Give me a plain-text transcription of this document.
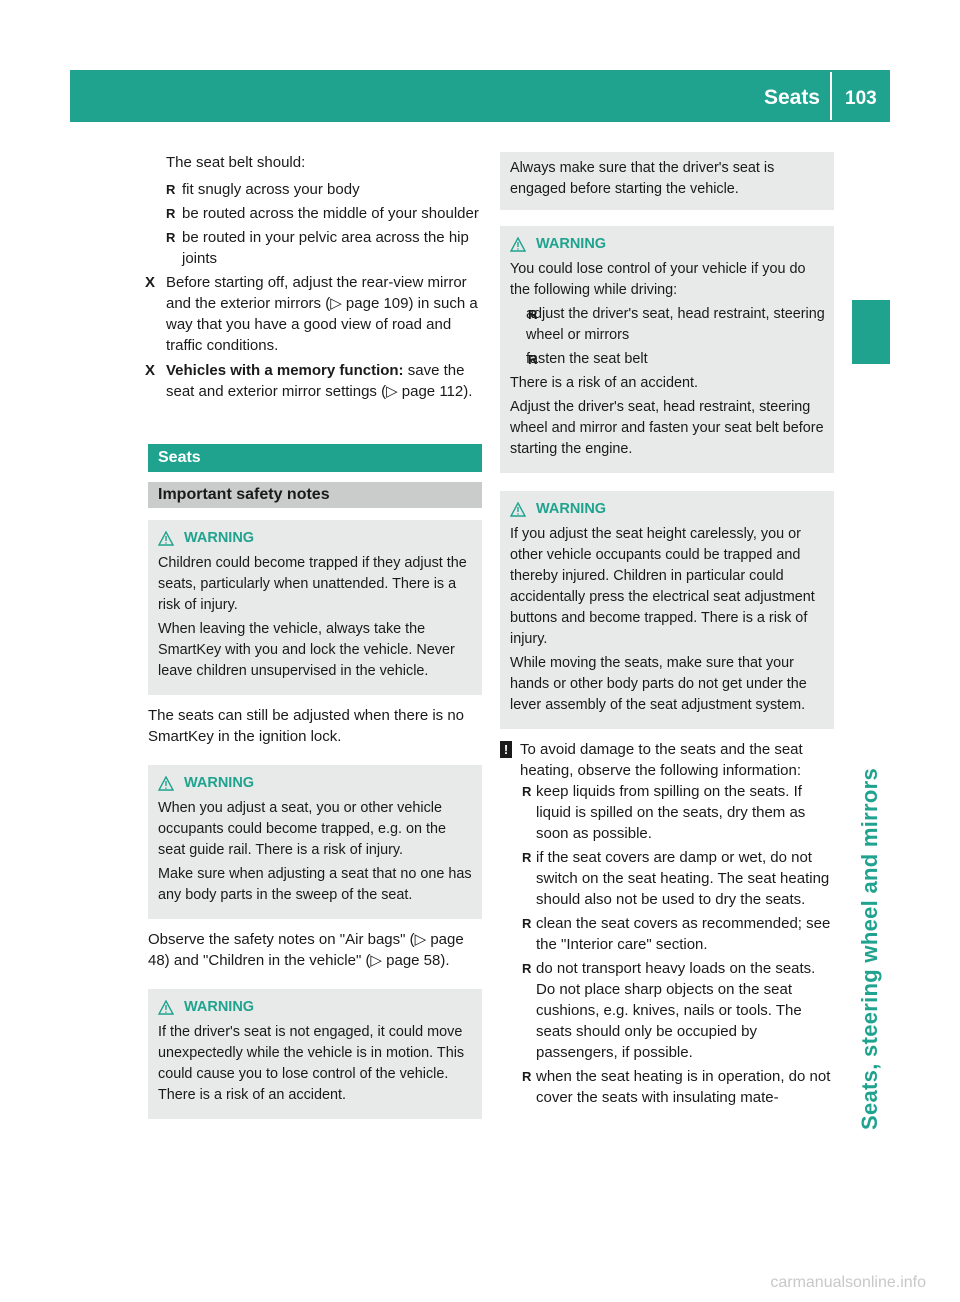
Seats 103
Seats, steering wheel and mirrors

The seat belt should:

R fit snugly across your body

R be routed across the middle of your shoulder

R be routed in your pelvic area across the hip joints

X Before starting off, adjust the rear-view mirror and the exterior mirrors (▷ page 109) in such a way that you have a good view of road and traffic conditions.

X Vehicles with a memory function: save the seat and exterior mirror settings (▷ page 112).

Seats
Important safety notes
WARNING

Children could become trapped if they adjust the seats, particularly when unattended. There is a risk of injury.

When leaving the vehicle, always take the SmartKey with you and lock the vehicle. Never leave children unsupervised in the vehicle.

The seats can still be adjusted when there is no SmartKey in the ignition lock.

WARNING

When you adjust a seat, you or other vehicle occupants could become trapped, e.g. on the seat guide rail. There is a risk of injury.

Make sure when adjusting a seat that no one has any body parts in the sweep of the seat.

Observe the safety notes on "Air bags" (▷ page 48) and "Children in the vehicle" (▷ page 58).

WARNING

If the driver's seat is not engaged, it could move unexpectedly while the vehicle is in motion. This could cause you to lose control of the vehicle. There is a risk of an accident.

Always make sure that the driver's seat is engaged before starting the vehicle.

WARNING

You could lose control of your vehicle if you do the following while driving:

R adjust the driver's seat, head restraint, steering wheel or mirrors

R fasten the seat belt

There is a risk of an accident.

Adjust the driver's seat, head restraint, steering wheel and mirror and fasten your seat belt before starting the engine.

WARNING

If you adjust the seat height carelessly, you or other vehicle occupants could be trapped and thereby injured. Children in particular could accidentally press the electrical seat adjustment buttons and become trapped. There is a risk of injury.

While moving the seats, make sure that your hands or other body parts do not get under the lever assembly of the seat adjustment system.

! To avoid damage to the seats and the seat heating, observe the following information:

R keep liquids from spilling on the seats. If liquid is spilled on the seats, dry them as soon as possible.

R if the seat covers are damp or wet, do not switch on the seat heating. The seat heating should also not be used to dry the seats.

R clean the seat covers as recommended; see the "Interior care" section.

R do not transport heavy loads on the seats. Do not place sharp objects on the seat cushions, e.g. knives, nails or tools. The seats should only be occupied by passengers, if possible.

R when the seat heating is in operation, do not cover the seats with insulating mate-

carmanualsonline.info
